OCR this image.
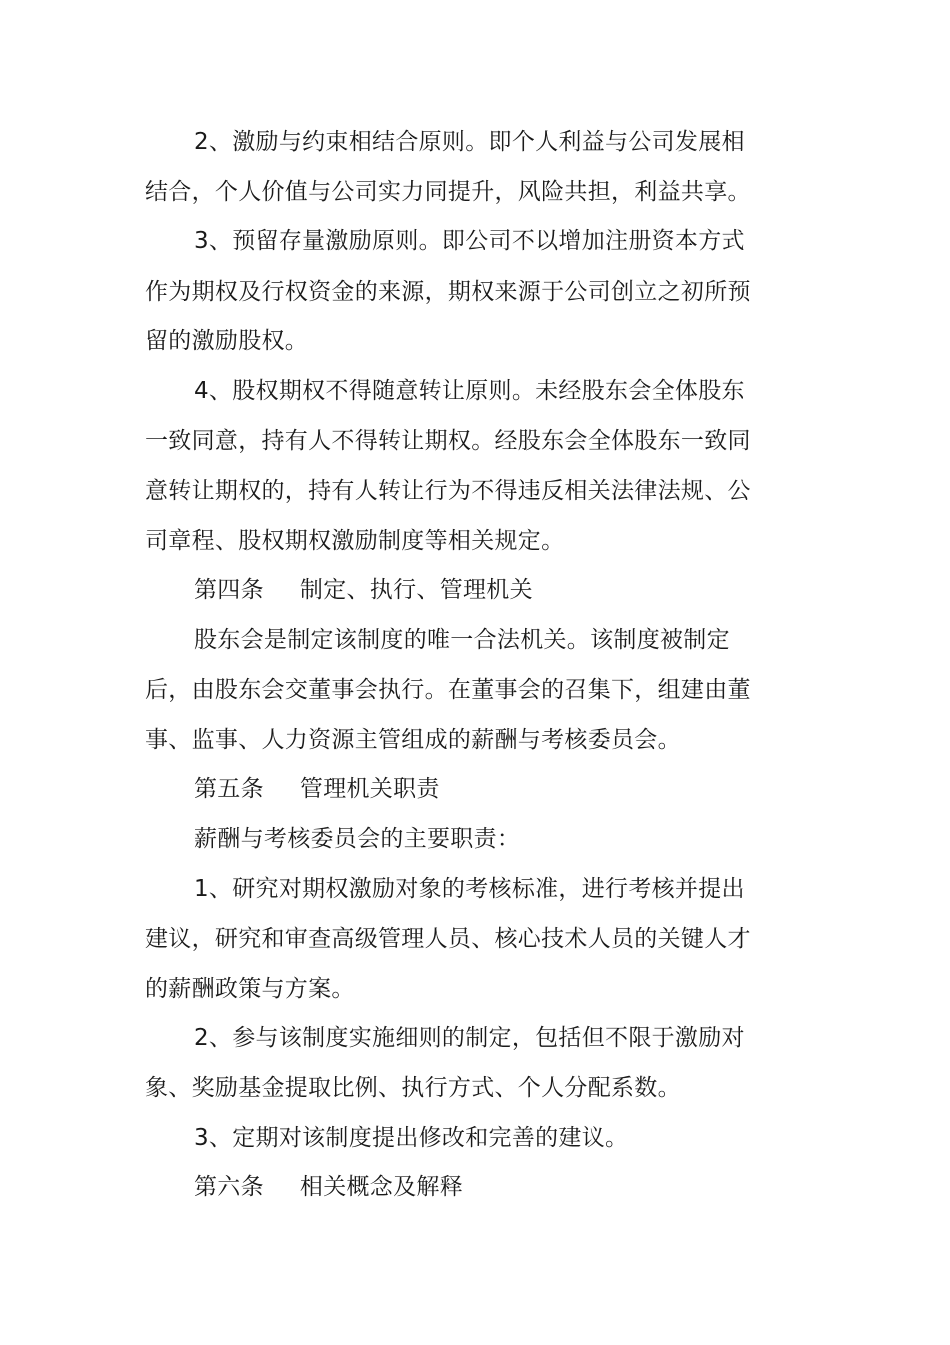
2、激励与约束相结合原则。即个人利益与公司发展相
结合，个人价值与公司实力同提升，风险共担，利益共享。
3、预留存量激励原则。即公司不以增加注册资本方式
作为期权及行权资金的来源，期权来源于公司创立之初所预
留的激励股权。
4、股权期权不得随意转让原则。未经股东会全体股东
一致同意，持有人不得转让期权。经股东会全体股东一致同
意转让期权的，持有人转让行为不得违反相关法律法规、公
司章程、股权期权激励制度等相关规定。
第四条 制定、执行、管理机关
股东会是制定该制度的唯一合法机关。该制度被制定
后，由股东会交董事会执行。在董事会的召集下，组建由董
事、监事、人力资源主管组成的薪酬与考核委员会。
第五条 管理机关职责
薪酬与考核委员会的主要职责：
1、研究对期权激励对象的考核标准，进行考核并提出
建议，研究和审查高级管理人员、核心技术人员的关键人才
的薪酬政策与方案。
2、参与该制度实施细则的制定，包括但不限于激励对
象、奖励基金提取比例、执行方式、个人分配系数。
3、定期对该制度提出修改和完善的建议。
第六条 相关概念及解释
